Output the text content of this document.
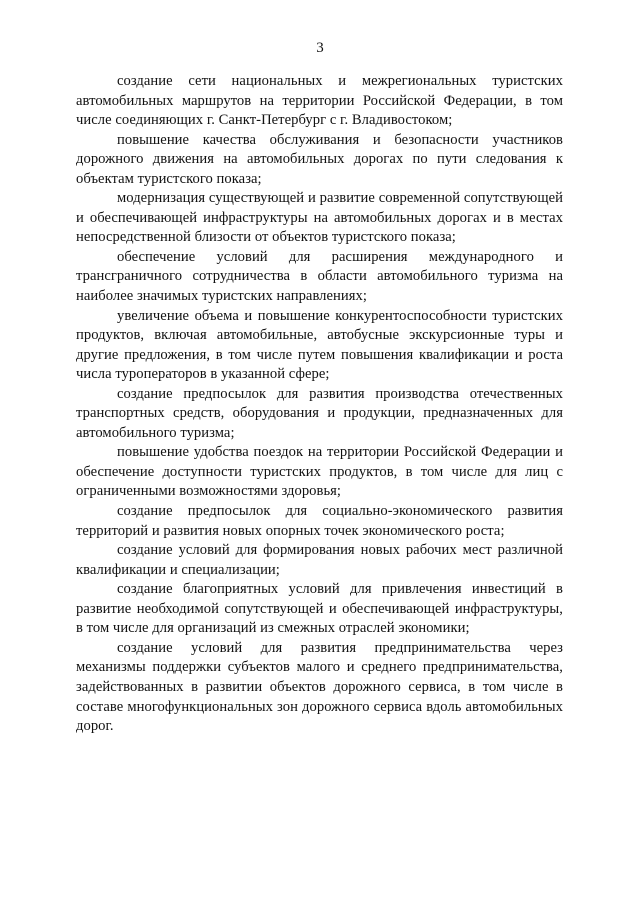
3

создание сети национальных и межрегиональных туристских автомобильных маршрутов на территории Российской Федерации, в том числе соединяющих г. Санкт-Петербург с г. Владивостоком;

повышение качества обслуживания и безопасности участников дорожного движения на автомобильных дорогах по пути следования к объектам туристского показа;

модернизация существующей и развитие современной сопутствующей и обеспечивающей инфраструктуры на автомобильных дорогах и в местах непосредственной близости от объектов туристского показа;

обеспечение условий для расширения международного и трансграничного сотрудничества в области автомобильного туризма на наиболее значимых туристских направлениях;

увеличение объема и повышение конкурентоспособности туристских продуктов, включая автомобильные, автобусные экскурсионные туры и другие предложения, в том числе путем повышения квалификации и роста числа туроператоров в указанной сфере;

создание предпосылок для развития производства отечественных транспортных средств, оборудования и продукции, предназначенных для автомобильного туризма;

повышение удобства поездок на территории Российской Федерации и обеспечение доступности туристских продуктов, в том числе для лиц с ограниченными возможностями здоровья;

создание предпосылок для социально-экономического развития территорий и развития новых опорных точек экономического роста;

создание условий для формирования новых рабочих мест различной квалификации и специализации;

создание благоприятных условий для привлечения инвестиций в развитие необходимой сопутствующей и обеспечивающей инфраструктуры, в том числе для организаций из смежных отраслей экономики;

создание условий для развития предпринимательства через механизмы поддержки субъектов малого и среднего предпринимательства, задействованных в развитии объектов дорожного сервиса, в том числе в составе многофункциональных зон дорожного сервиса вдоль автомобильных дорог.
